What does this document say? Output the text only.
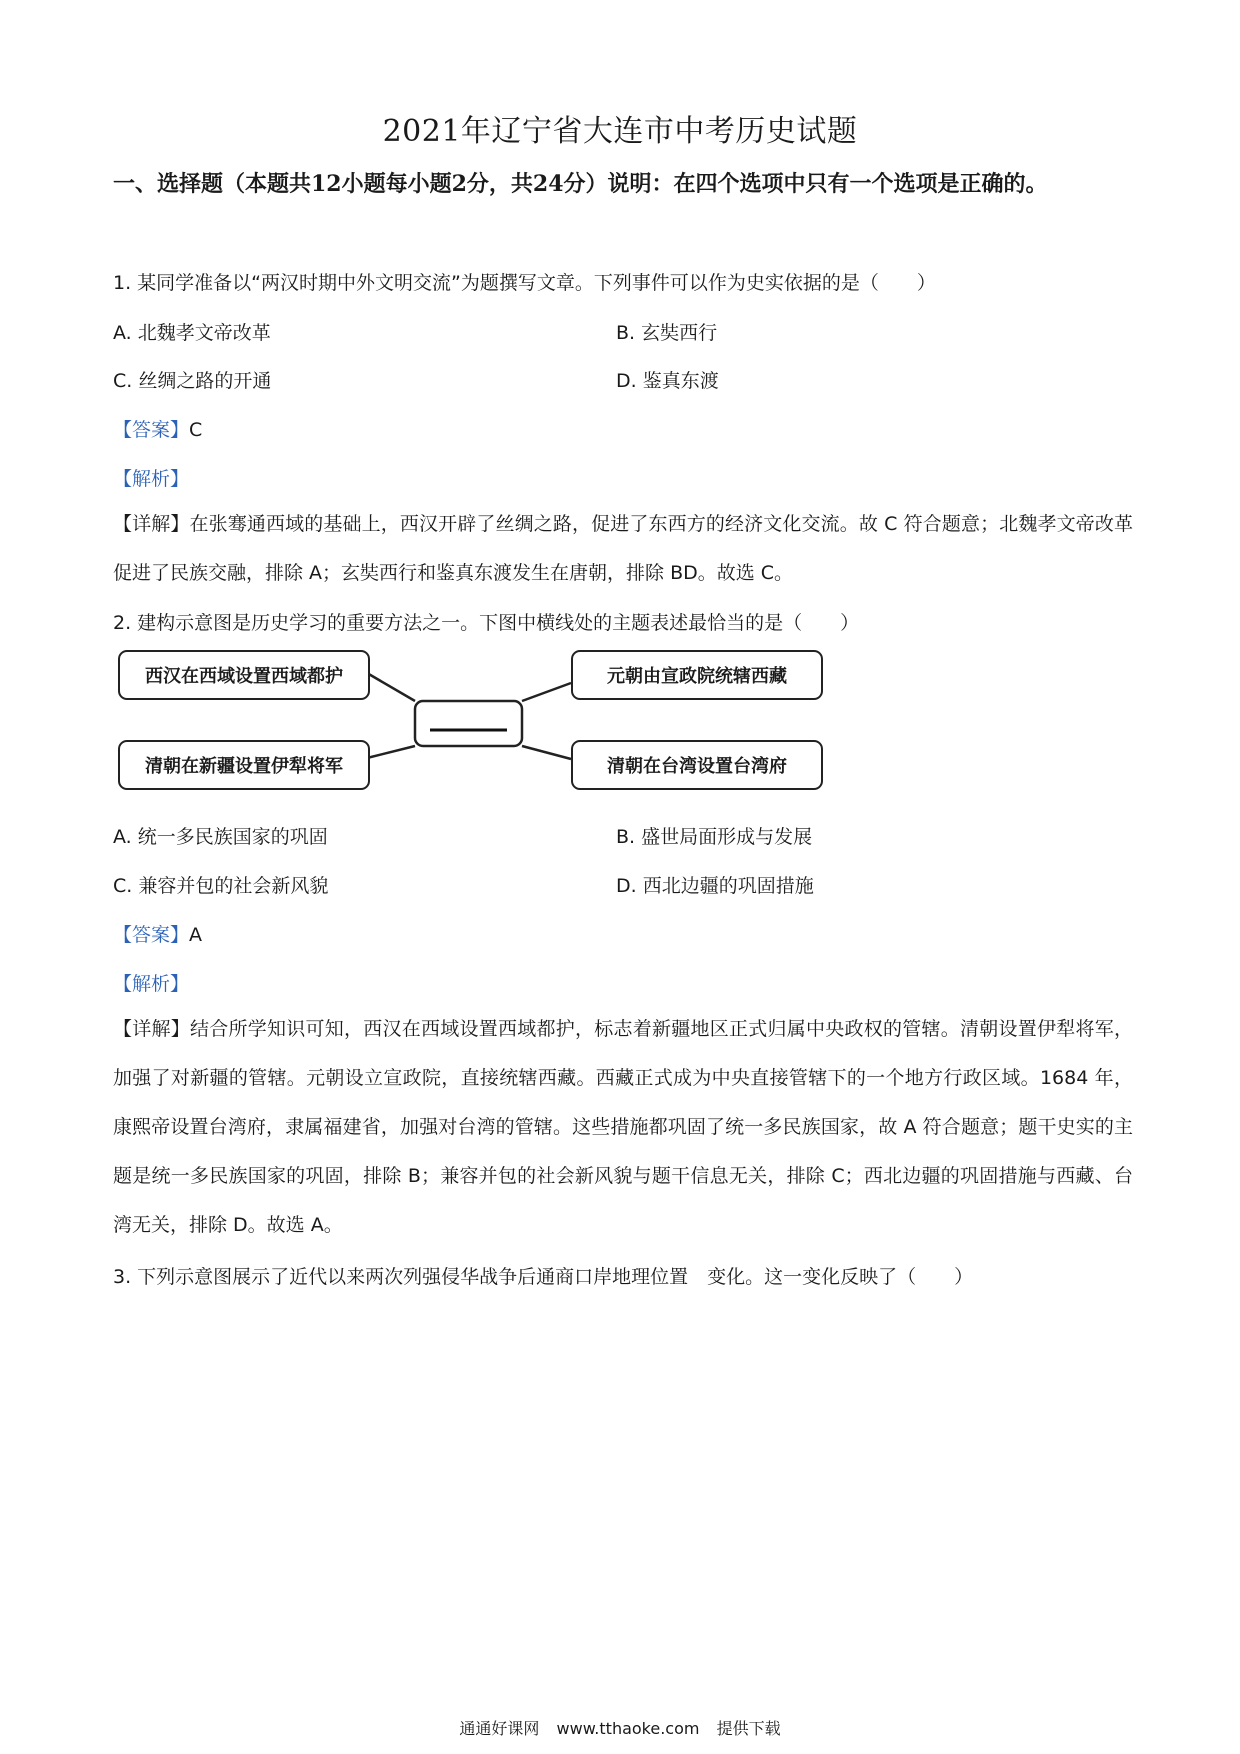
2021年辽宁省大连市中考历史试题
一、选择题（本题共12小题每小题2分，共24分）说明：在四个选项中只有一个选项是正确的。
1. 某同学准备以“两汉时期中外文明交流”为题撰写文章。下列事件可以作为史实依据的是（　　）
A. 北魏孝文帝改革	B. 玄奘西行
C. 丝绸之路的开通	D. 鉴真东渡
【答案】C
【解析】
【详解】在张骞通西域的基础上，西汉开辟了丝绸之路，促进了东西方的经济文化交流。故 C 符合题意；北魏孝文帝改革促进了民族交融，排除 A；玄奘西行和鉴真东渡发生在唐朝，排除 BD。故选 C。
2. 建构示意图是历史学习的重要方法之一。下图中横线处的主题表述最恰当的是（　　）
西汉在西域设置西域都护	元朝由宣政院统辖西藏
清朝在新疆设置伊犁将军	清朝在台湾设置台湾府
A. 统一多民族国家的巩固	B. 盛世局面形成与发展
C. 兼容并包的社会新风貌	D. 西北边疆的巩固措施
【答案】A
【解析】
【详解】结合所学知识可知，西汉在西域设置西域都护，标志着新疆地区正式归属中央政权的管辖。清朝设置伊犁将军，加强了对新疆的管辖。元朝设立宣政院，直接统辖西藏。西藏正式成为中央直接管辖下的一个地方行政区域。1684 年，康熙帝设置台湾府，隶属福建省，加强对台湾的管辖。这些措施都巩固了统一多民族国家，故 A 符合题意；题干史实的主题是统一多民族国家的巩固，排除 B；兼容并包的社会新风貌与题干信息无关，排除 C；西北边疆的巩固措施与西藏、台湾无关，排除 D。故选 A。
3. 下列示意图展示了近代以来两次列强侵华战争后通商口岸地理位置　变化。这一变化反映了（　　）
通通好课网 www.tthaoke.com 提供下载
